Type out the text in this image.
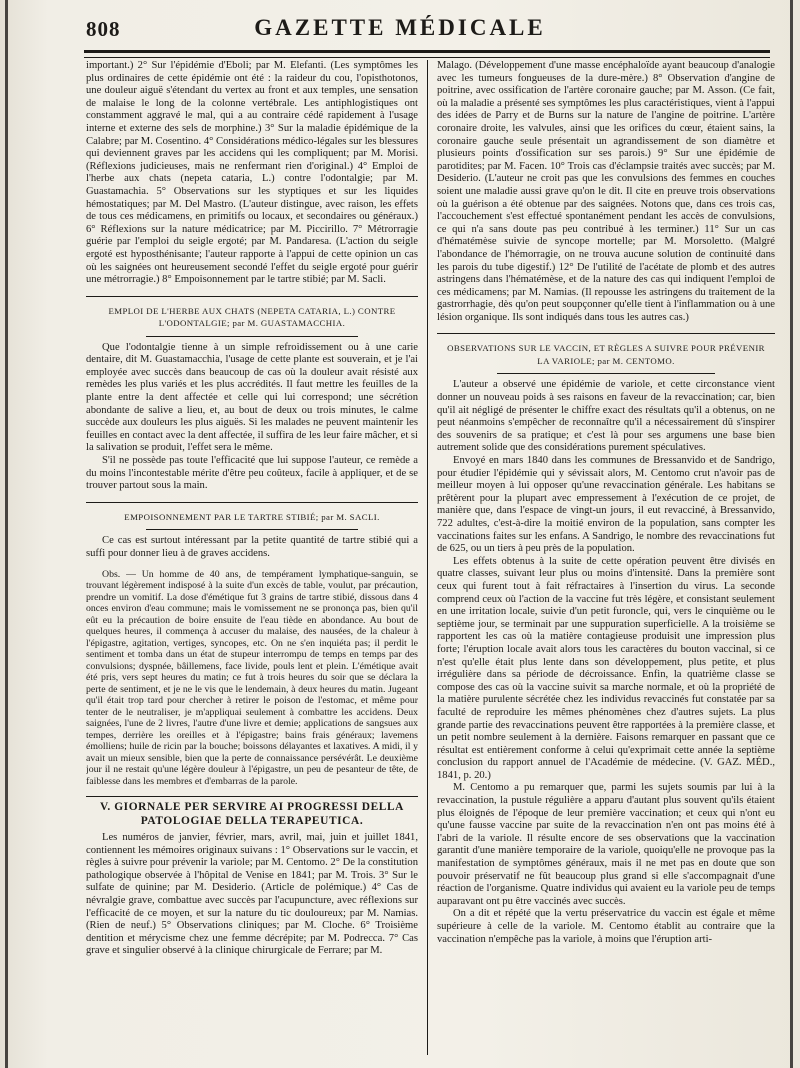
GAZETTE MÉDICALE
808

important.) 2° Sur l'épidémie d'Eboli; par M. Elefanti. (Les symptômes les plus ordinaires de cette épidémie ont été : la raideur du cou, l'opisthotonos, une douleur aiguë s'étendant du vertex au front et aux temples, une sensation de malaise le long de la colonne vertébrale. Les antiphlogistiques ont constamment aggravé le mal, qui a au contraire cédé rapidement à l'usage interne et externe des sels de morphine.) 3° Sur la maladie épidémique de la Calabre; par M. Cosentino. 4° Considérations médico-légales sur les blessures qui deviennent graves par les accidens qui les compliquent; par M. Morisi. (Réflexions judicieuses, mais ne renfermant rien d'original.) 4° Emploi de l'herbe aux chats (nepeta cataria, L.) contre l'odontalgie; par M. Guastamachia. 5° Observations sur les styptiques et sur les liquides hémostatiques; par M. Del Mastro. (L'auteur distingue, avec raison, les effets de tous ces médicamens, en primitifs ou locaux, et secondaires ou généraux.) 6° Réflexions sur la nature médicatrice; par M. Piccirillo. 7° Métrorragie guérie par l'emploi du seigle ergoté; par M. Pandaresa. (L'action du seigle ergoté est hyposthénisante; l'auteur rapporte à l'appui de cette opinion un cas où les saignées ont heureusement secondé l'effet du seigle ergoté pour guérir une métrorragie.) 8° Empoisonnement par le tartre stibié; par M. Sacli.

EMPLOI DE L'HERBE AUX CHATS (NEPETA CATARIA, L.) CONTRE L'ODONTALGIE; par M. GUASTAMACCHIA.

Que l'odontalgie tienne à un simple refroidissement ou à une carie dentaire, dit M. Guastamacchia, l'usage de cette plante est souverain, et je l'ai employée avec succès dans beaucoup de cas où la douleur avait résisté aux remèdes les plus variés et les plus accrédités. Il faut mettre les feuilles de la plante entre la dent affectée et celle qui lui correspond; une sécrétion abondante de salive a lieu, et, au bout de deux ou trois minutes, le calme succède aux douleurs les plus aiguës. Si les malades ne peuvent maintenir les feuilles en contact avec la dent affectée, il suffira de les leur faire mâcher, et si la salivation se produit, l'effet sera le même.

S'il ne possède pas toute l'efficacité que lui suppose l'auteur, ce remède a du moins l'incontestable mérite d'être peu coûteux, facile à appliquer, et de se trouver partout sous la main.

EMPOISONNEMENT PAR LE TARTRE STIBIÉ; par M. SACLI.

Ce cas est surtout intéressant par la petite quantité de tartre stibié qui a suffi pour donner lieu à de graves accidens.

Obs. — Un homme de 40 ans, de tempérament lymphatique-sanguin, se trouvant légèrement indisposé à la suite d'un excès de table, voulut, par précaution, prendre un vomitif. La dose d'émétique fut 3 grains de tartre stibié, dissous dans 4 onces environ d'eau commune; mais le vomissement ne se prononça pas, bien qu'il eût eu la précaution de boire ensuite de l'eau tiède en abondance. Au bout de quelques heures, il commença à accuser du malaise, des nausées, de la chaleur à l'épigastre, agitation, vertiges, syncopes, etc. On ne s'en inquiéta pas; il perdit le sentiment et tomba dans un état de stupeur interrompu de temps en temps par des convulsions; dyspnée, bâillemens, face livide, pouls lent et plein. L'émétique avait été pris, vers sept heures du matin; ce fut à trois heures du soir que se déclara la perte de sentiment, et je ne le vis que le lendemain, à deux heures du matin. Jugeant qu'il était trop tard pour chercher à retirer le poison de l'estomac, et même pour tenter de le neutraliser, je m'appliquai seulement à combattre les accidens. Deux saignées, l'une de 2 livres, l'autre d'une livre et demie; applications de sangsues aux tempes, derrière les oreilles et à l'épigastre; bains frais généraux; lavemens émolliens; huile de ricin par la bouche; boissons délayantes et laxatives. A midi, il y avait un mieux sensible, bien que la perte de connaissance persévérât. Le deuxième jour il ne restait qu'une légère douleur à l'épigastre, un peu de pesanteur de tête, de faiblesse dans les membres et d'embarras de la parole.

V. GIORNALE PER SERVIRE AI PROGRESSI DELLA PATOLOGIAE DELLA TERAPEUTICA.

Les numéros de janvier, février, mars, avril, mai, juin et juillet 1841, contiennent les mémoires originaux suivans : 1° Observations sur le vaccin, et règles à suivre pour prévenir la variole; par M. Centomo. 2° De la constitution pathologique observée à l'hôpital de Venise en 1841; par M. Trois. 3° Sur le sulfate de quinine; par M. Desiderio. (Article de polémique.) 4° Cas de névralgie grave, combattue avec succès par l'acupuncture, avec réflexions sur l'efficacité de ce moyen, et sur la nature du tic douloureux; par M. Namias. (Rien de neuf.) 5° Observations cliniques; par M. Cloche. 6° Troisième dentition et mérycisme chez une femme décrépite; par M. Podrecca. 7° Cas grave et singulier observé à la clinique chirurgicale de Ferrare; par M.

Malago. (Développement d'une masse encéphaloïde ayant beaucoup d'analogie avec les tumeurs fongueuses de la dure-mère.) 8° Observation d'angine de poitrine, avec ossification de l'artère coronaire gauche; par M. Asson. (Ce fait, où la maladie a présenté ses symptômes les plus caractéristiques, vient à l'appui des idées de Parry et de Burns sur la nature de l'angine de poitrine. L'artère coronaire droite, les valvules, ainsi que les orifices du cœur, étaient sains, la coronaire gauche seule présentait un agrandissement de son diamètre et plusieurs points d'ossification sur ses parois.) 9° Sur une épidémie de parotidites; par M. Facen. 10° Trois cas d'éclampsie traités avec succès; par M. Desiderio. (L'auteur ne croit pas que les convulsions des femmes en couches soient une maladie aussi grave qu'on le dit. Il cite en preuve trois observations où la guérison a été obtenue par des saignées. Notons que, dans ces trois cas, l'accouchement s'est effectué spontanément pendant les accès de convulsions, ce qui n'a sans doute pas peu contribué à les terminer.) 11° Sur un cas d'hématémèse suivie de syncope mortelle; par M. Morsoletto. (Malgré l'abondance de l'hémorragie, on ne trouva aucune solution de continuité dans les parois du tube digestif.) 12° De l'utilité de l'acétate de plomb et des autres astringens dans l'hématémèse, et de la nature des cas qui indiquent l'emploi de ces médicamens; par M. Namias. (Il repousse les astringens du traitement de la gastrorrhagie, dès qu'on peut soupçonner qu'elle tient à l'inflammation ou à une lésion organique. Ils sont indiqués dans tous les autres cas.)

OBSERVATIONS SUR LE VACCIN, ET RÈGLES A SUIVRE POUR PRÉVENIR LA VARIOLE; par M. CENTOMO.

L'auteur a observé une épidémie de variole, et cette circonstance vient donner un nouveau poids à ses raisons en faveur de la revaccination; car, bien qu'il ait négligé de présenter le chiffre exact des résultats qu'il a obtenus, on ne peut néanmoins s'empêcher de reconnaître qu'il a nécessairement dû s'inspirer des souvenirs de sa pratique; et c'est là pour ses argumens une base bien autrement solide que des considérations purement spéculatives.

Envoyé en mars 1840 dans les communes de Bressanvido et de Sandrigo, pour étudier l'épidémie qui y sévissait alors, M. Centomo crut n'avoir pas de meilleur moyen à lui opposer qu'une revaccination générale. Les habitans se prêtèrent pour la plupart avec empressement à l'exécution de ce projet, de manière que, dans l'espace de vingt-un jours, il eut revacciné, à Bressanvido, 722 adultes, c'est-à-dire la moitié environ de la population, sans compter les vaccinations faites sur les enfans. A Sandrigo, le nombre des revaccinations fut de 625, ou un tiers à peu près de la population.

Les effets obtenus à la suite de cette opération peuvent être divisés en quatre classes, suivant leur plus ou moins d'intensité. Dans la première sont ceux qui furent tout à fait réfractaires à l'insertion du virus. La seconde comprend ceux où l'action de la vaccine fut très légère, et consistant seulement en une irritation locale, suivie d'un petit furoncle, qui, vers le cinquième ou le septième jour, se terminait par une suppuration superficielle. A la troisième se rapportent les cas où la matière contagieuse produisit une impression plus forte; l'éruption locale avait alors tous les caractères du bouton vaccinal, si ce n'est qu'elle était plus lente dans son développement, plus petite, et plus irrégulière dans sa période de décroissance. Enfin, la quatrième classe se compose des cas où la vaccine suivit sa marche normale, et où la propriété de la matière purulente sécrétée chez les individus revaccinés fut constatée par sa faculté de reproduire les mêmes phénomènes chez d'autres sujets. La plus grande partie des revaccinations peuvent être rapportées à la première classe, et un petit nombre seulement à la dernière. Faisons remarquer en passant que ce résultat est entièrement conforme à celui qu'exprimait cette année la septième conclusion du rapport annuel de l'Académie de médecine. (V. GAZ. MÉD., 1841, p. 20.)

M. Centomo a pu remarquer que, parmi les sujets soumis par lui à la revaccination, la pustule régulière a apparu d'autant plus souvent qu'ils étaient plus éloignés de l'époque de leur première vaccination; et ceux qui n'ont eu qu'une fausse vaccine par suite de la revaccination n'en ont pas moins été à l'abri de la variole. Il résulte encore de ses observations que la vaccination garantit d'une manière temporaire de la variole, quoiqu'elle ne provoque pas la manifestation de symptômes généraux, mais il ne met pas en doute que son pouvoir préservatif ne fût beaucoup plus grand si elle s'accompagnait d'une réaction de l'organisme. Quatre individus qui avaient eu la variole peu de temps auparavant ont pu être vaccinés avec succès.

On a dit et répété que la vertu préservatrice du vaccin est égale et même supérieure à celle de la variole. M. Centomo établit au contraire que la vaccination n'empêche pas la variole, à moins que l'éruption arti-
